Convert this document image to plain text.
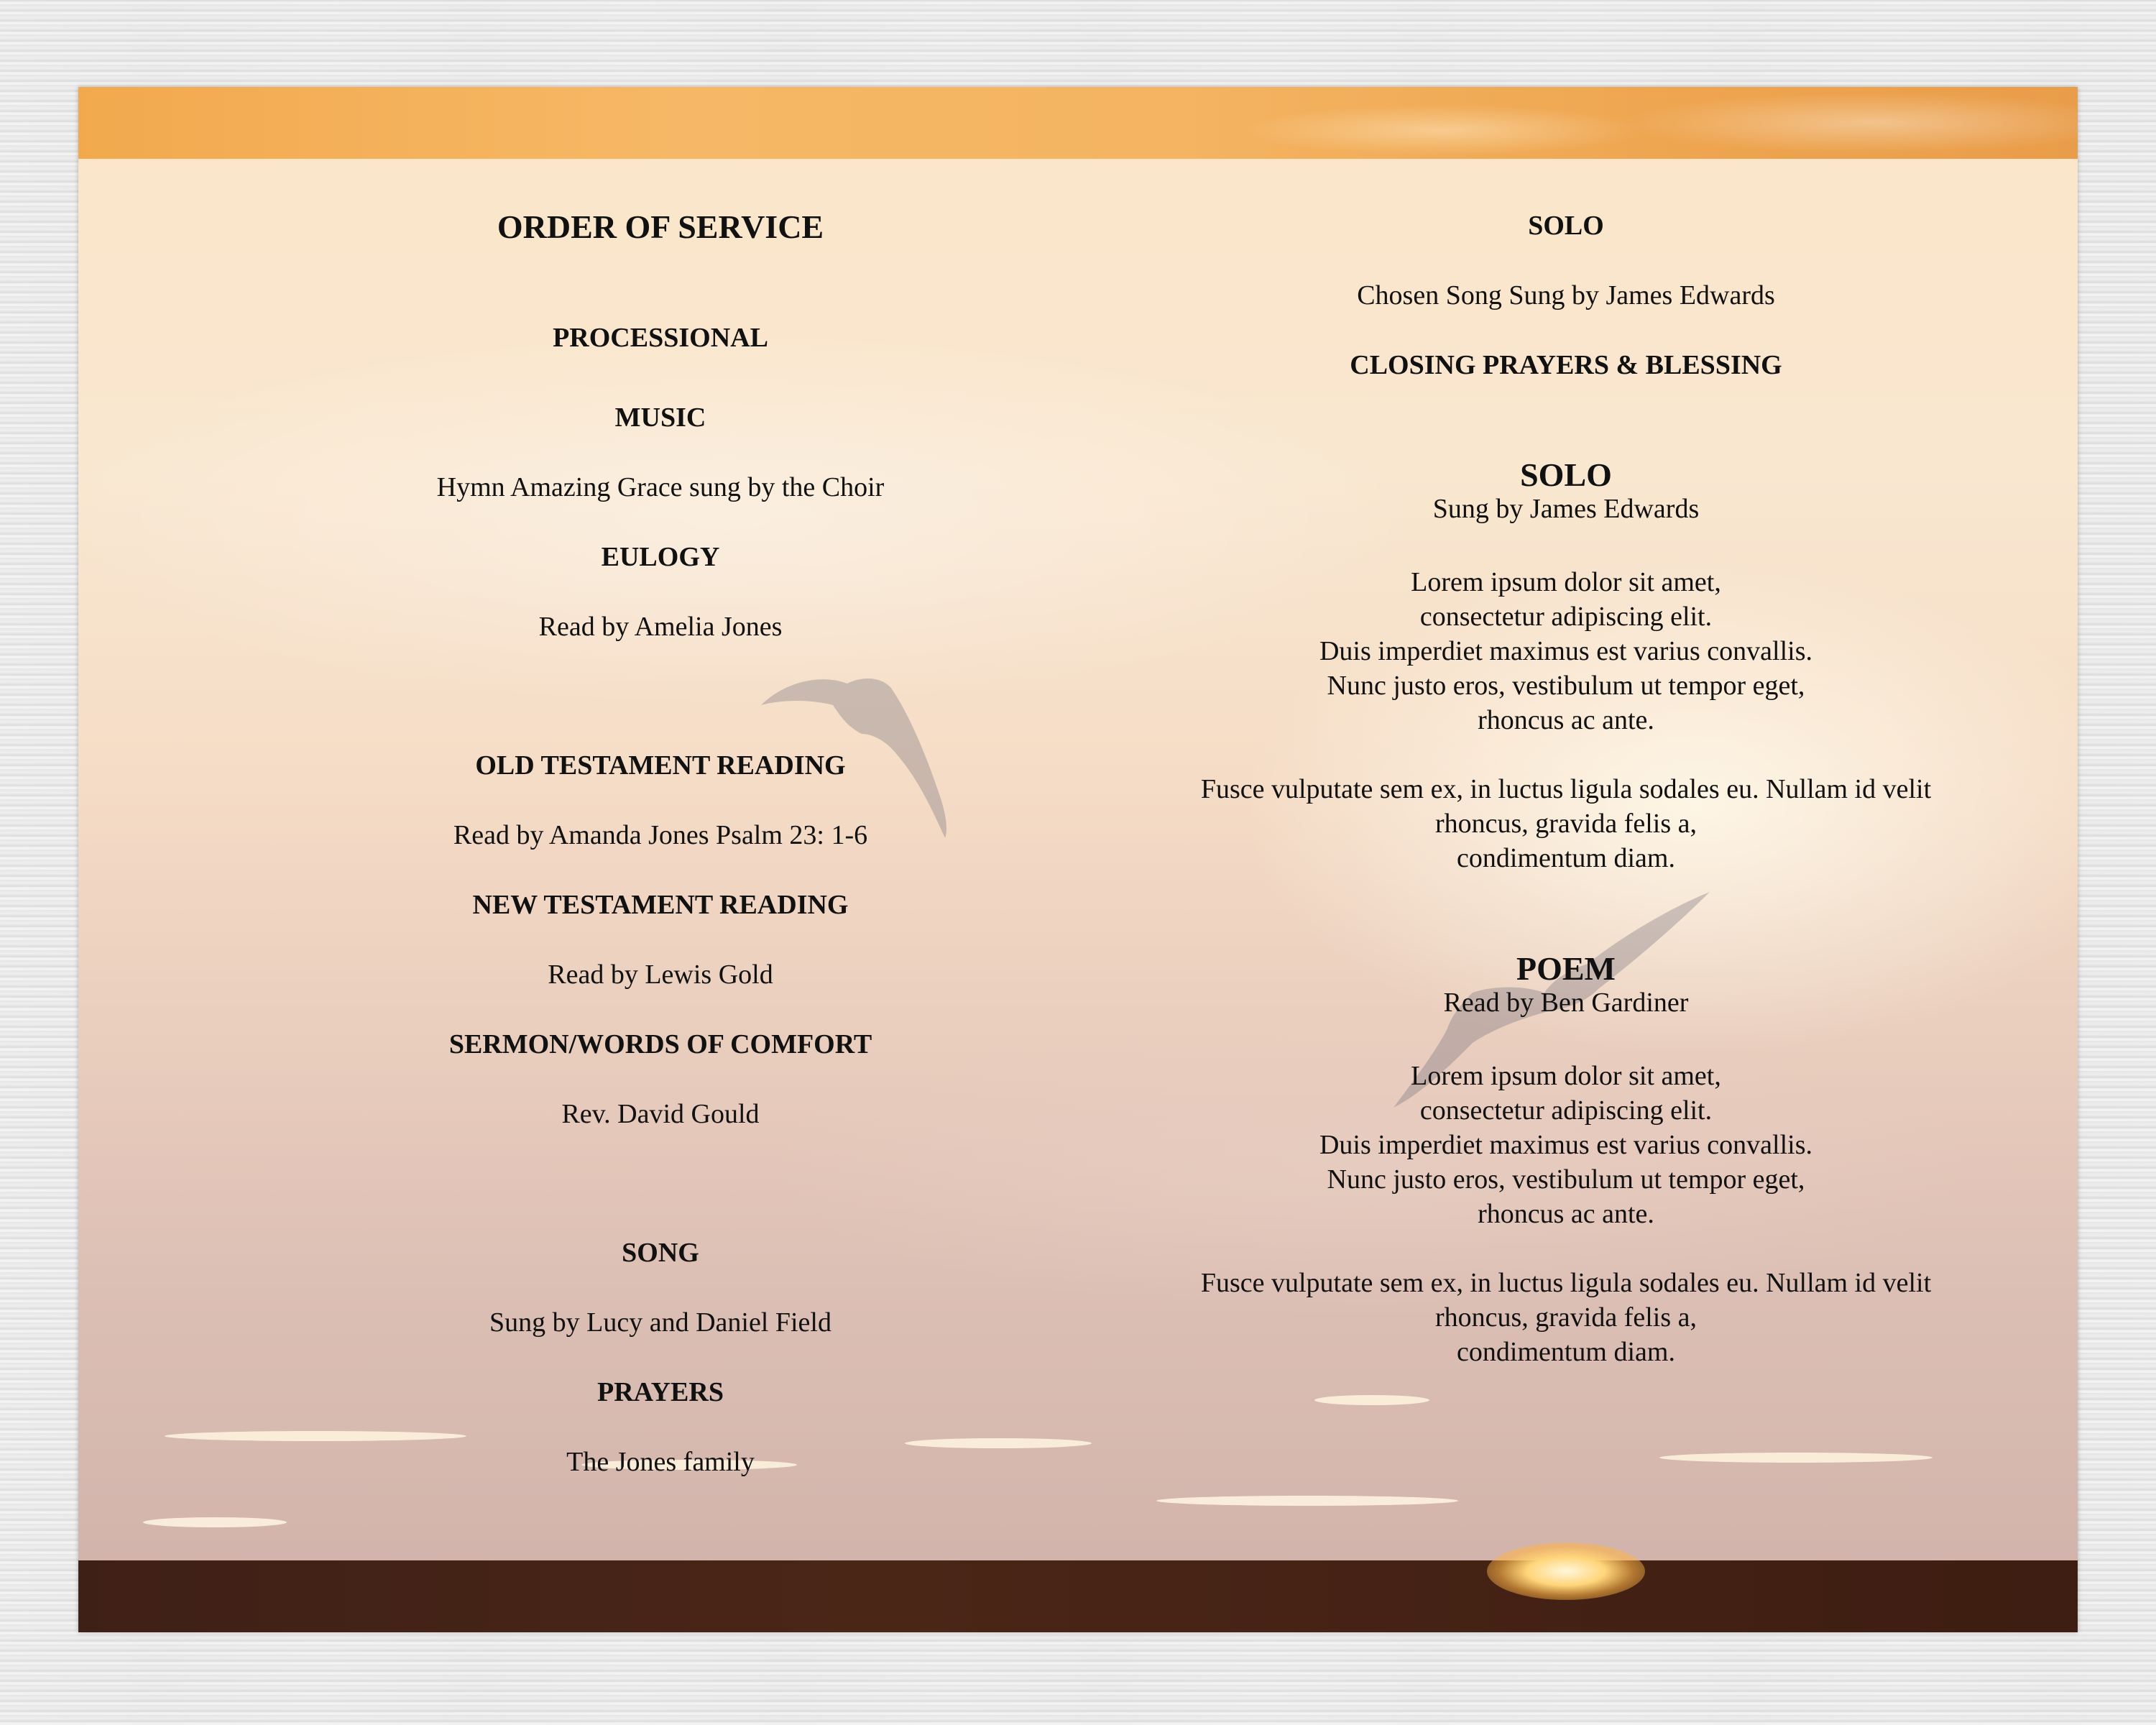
ORDER OF SERVICE
PROCESSIONAL
MUSIC
Hymn Amazing Grace sung by the Choir
EULOGY
Read by Amelia Jones
OLD TESTAMENT READING
Read by Amanda Jones Psalm 23: 1-6
NEW TESTAMENT READING
Read by Lewis Gold
SERMON/WORDS OF COMFORT
Rev. David Gould
SONG
Sung by Lucy and Daniel Field
PRAYERS
The Jones family
SOLO
Chosen Song Sung by James Edwards
CLOSING PRAYERS & BLESSING
SOLO
Sung by James Edwards
Lorem ipsum dolor sit amet,
consectetur adipiscing elit.
Duis imperdiet maximus est varius convallis.
Nunc justo eros, vestibulum ut tempor eget,
rhoncus ac ante.
Fusce vulputate sem ex, in luctus ligula sodales eu. Nullam id velit
rhoncus, gravida felis a,
condimentum diam.
POEM
Read by Ben Gardiner
Lorem ipsum dolor sit amet,
consectetur adipiscing elit.
Duis imperdiet maximus est varius convallis.
Nunc justo eros, vestibulum ut tempor eget,
rhoncus ac ante.
Fusce vulputate sem ex, in luctus ligula sodales eu. Nullam id velit
rhoncus, gravida felis a,
condimentum diam.
